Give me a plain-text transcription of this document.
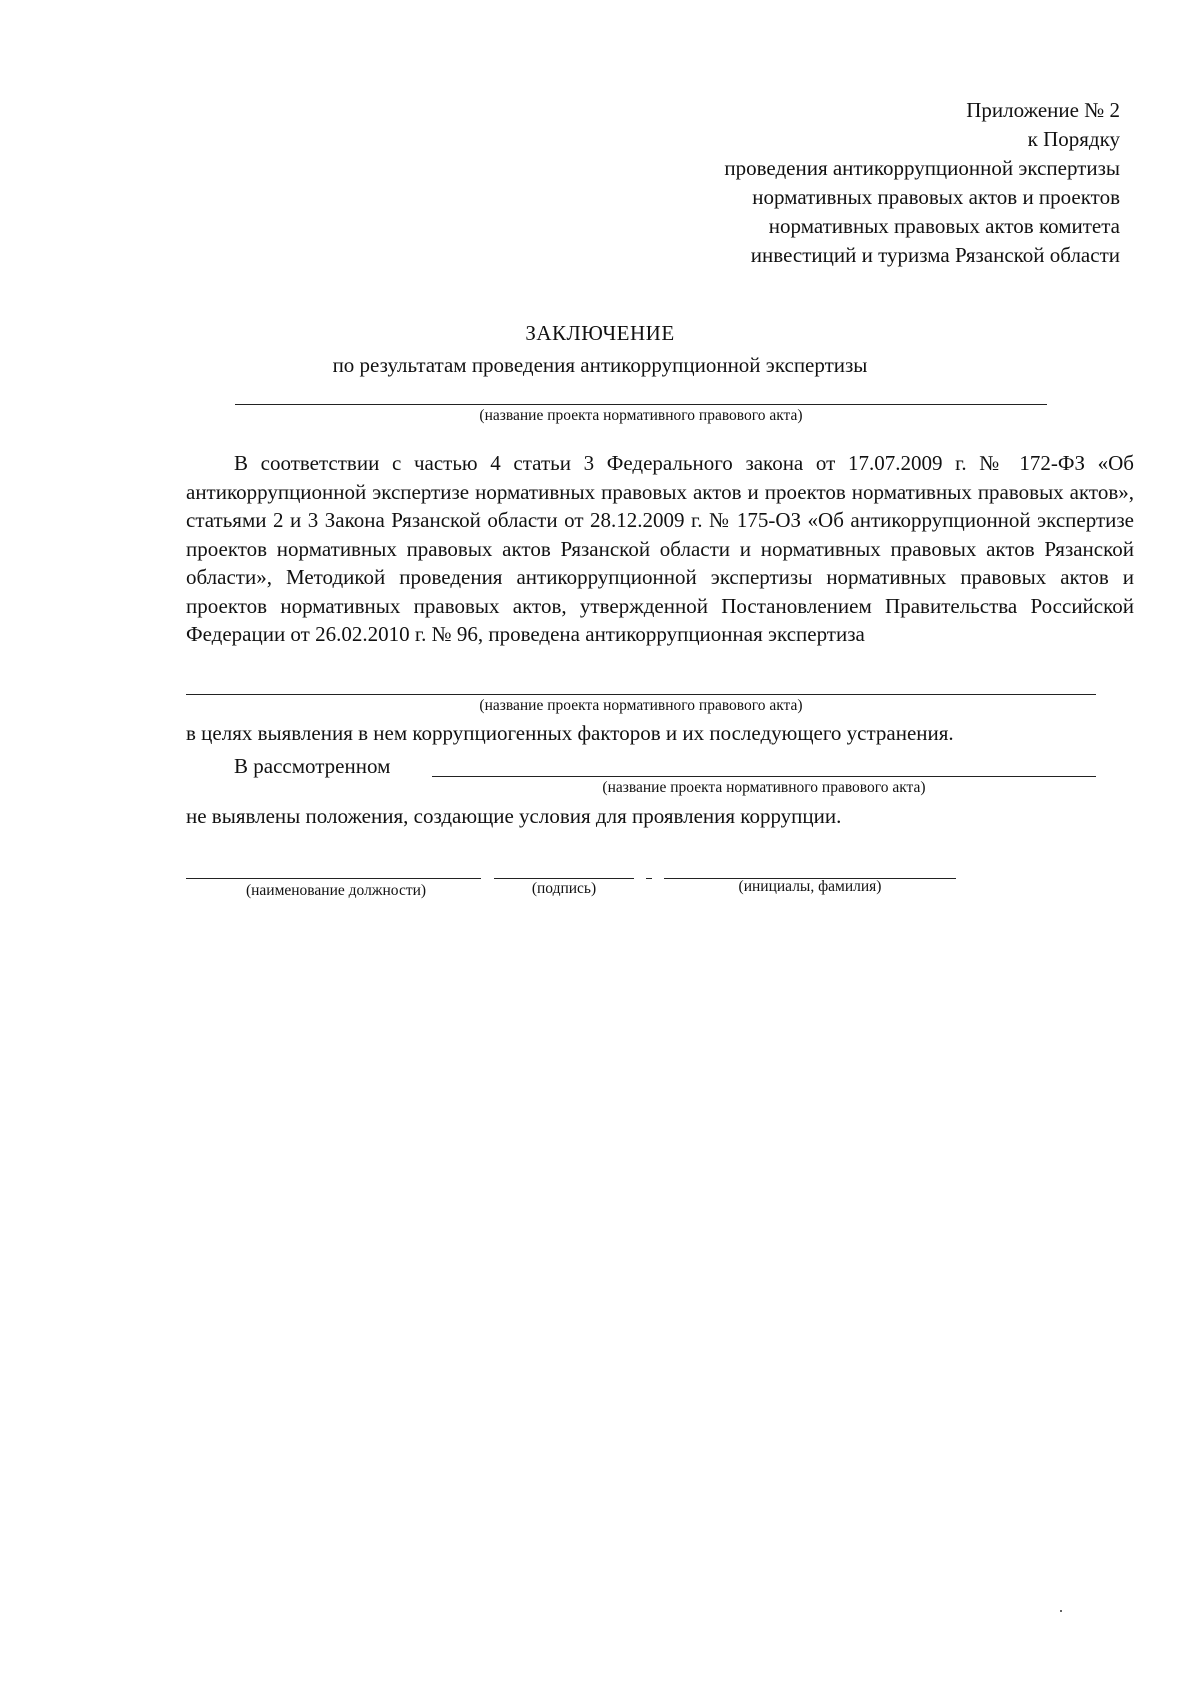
Приложение № 2
к Порядку
проведения антикоррупционной экспертизы
нормативных правовых актов и проектов
нормативных правовых актов комитета
инвестиций и туризма Рязанской области
ЗАКЛЮЧЕНИЕ
по результатам проведения антикоррупционной экспертизы
(название проекта нормативного правового акта)
В соответствии с частью 4 статьи 3 Федерального закона от 17.07.2009 г. № 172-ФЗ «Об антикоррупционной экспертизе нормативных правовых актов и проектов нормативных правовых актов», статьями 2 и 3 Закона Рязанской области от 28.12.2009 г. № 175-ОЗ «Об антикоррупционной экспертизе проектов нормативных правовых актов Рязанской области и нормативных правовых актов Рязанской области», Методикой проведения антикоррупционной экспертизы нормативных правовых актов и проектов нормативных правовых актов, утвержденной Постановлением Правительства Российской Федерации от 26.02.2010 г. № 96, проведена антикоррупционная экспертиза
(название проекта нормативного правового акта)
в целях выявления в нем коррупциогенных факторов и их последующего устранения.
В рассмотренном
(название проекта нормативного правового акта)
не выявлены положения, создающие условия для проявления коррупции.
(наименование должности)	(подпись)	(инициалы, фамилия)
